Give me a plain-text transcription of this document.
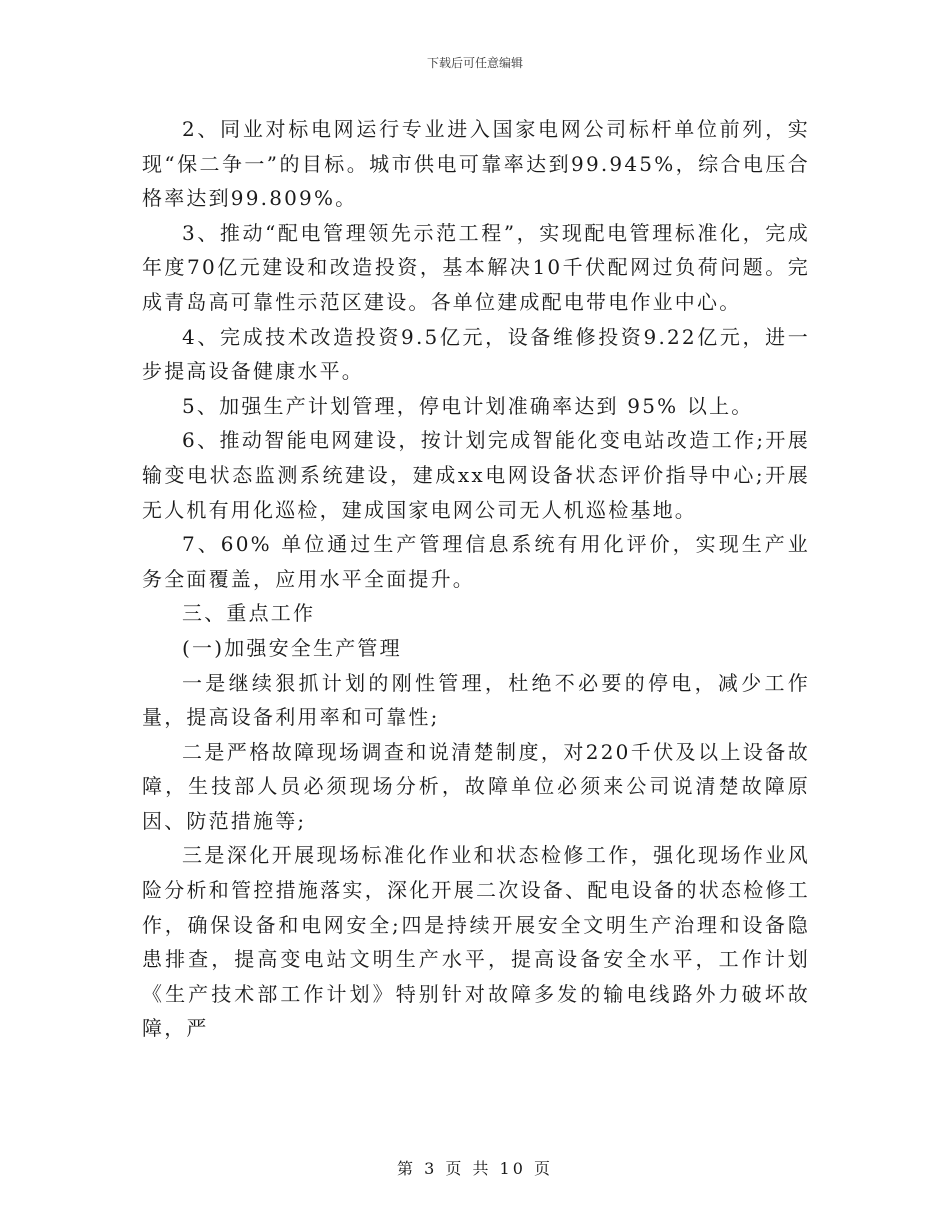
下载后可任意编辑

2、同业对标电网运行专业进入国家电网公司标杆单位前列，实现“保二争一”的目标。城市供电可靠率达到99.945%，综合电压合格率达到99.809%。

3、推动“配电管理领先示范工程”，实现配电管理标准化，完成年度70亿元建设和改造投资，基本解决10千伏配网过负荷问题。完成青岛高可靠性示范区建设。各单位建成配电带电作业中心。

4、完成技术改造投资9.5亿元，设备维修投资9.22亿元，进一步提高设备健康水平。

5、加强生产计划管理，停电计划准确率达到 95% 以上。

6、推动智能电网建设，按计划完成智能化变电站改造工作;开展输变电状态监测系统建设，建成xx电网设备状态评价指导中心;开展无人机有用化巡检，建成国家电网公司无人机巡检基地。

7、60% 单位通过生产管理信息系统有用化评价，实现生产业务全面覆盖，应用水平全面提升。

三、重点工作

(一)加强安全生产管理

一是继续狠抓计划的刚性管理，杜绝不必要的停电，减少工作量，提高设备利用率和可靠性;

二是严格故障现场调查和说清楚制度，对220千伏及以上设备故障，生技部人员必须现场分析，故障单位必须来公司说清楚故障原因、防范措施等;

三是深化开展现场标准化作业和状态检修工作，强化现场作业风险分析和管控措施落实，深化开展二次设备、配电设备的状态检修工作，确保设备和电网安全;四是持续开展安全文明生产治理和设备隐患排查，提高变电站文明生产水平，提高设备安全水平，工作计划《生产技术部工作计划》特别针对故障多发的输电线路外力破坏故障，严

第 3 页 共 10 页
